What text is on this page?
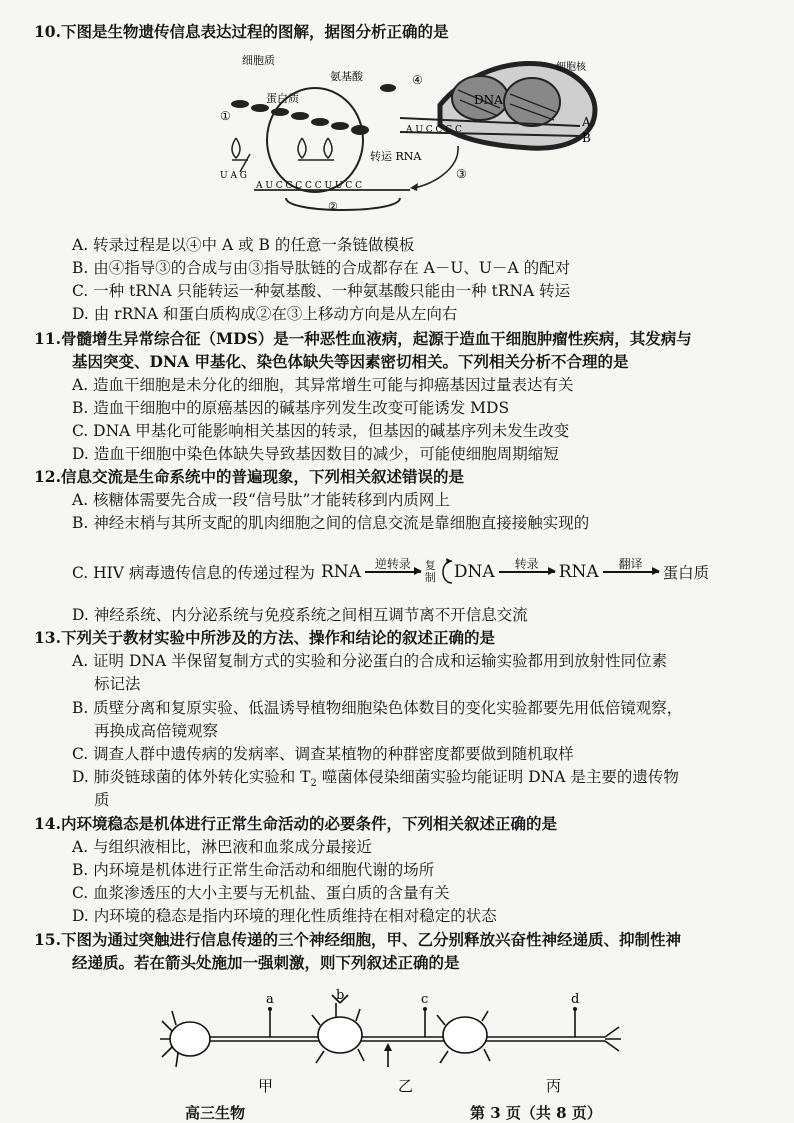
10.下图是生物遗传信息表达过程的图解，据图分析正确的是
DNA
细胞核
A
B
A U C C C C
④
细胞质
蛋白质
氨基酸
转运 RNA
U A G
①
②
A U C C C C C U U C C
③
A. 转录过程是以④中 A 或 B 的任意一条链做模板
B. 由④指导③的合成与由③指导肽链的合成都存在 A－U、U－A 的配对
C. 一种 tRNA 只能转运一种氨基酸、一种氨基酸只能由一种 tRNA 转运
D. 由 rRNA 和蛋白质构成②在③上移动方向是从左向右
11.骨髓增生异常综合征（MDS）是一种恶性血液病，起源于造血干细胞肿瘤性疾病，其发病与
基因突变、DNA 甲基化、染色体缺失等因素密切相关。下列相关分析不合理的是
A. 造血干细胞是未分化的细胞，其异常增生可能与抑癌基因过量表达有关
B. 造血干细胞中的原癌基因的碱基序列发生改变可能诱发 MDS
C. DNA 甲基化可能影响相关基因的转录，但基因的碱基序列未发生改变
D. 造血干细胞中染色体缺失导致基因数目的减少，可能使细胞周期缩短
12.信息交流是生命系统中的普遍现象，下列相关叙述错误的是
A. 核糖体需要先合成一段“信号肽”才能转移到内质网上
B. 神经末梢与其所支配的肌肉细胞之间的信息交流是靠细胞直接接触实现的
C. HIV 病毒遗传信息的传递过程为 RNA 逆转录
复
制 DNA 转录
RNA 翻译
蛋白质
D. 神经系统、内分泌系统与免疫系统之间相互调节离不开信息交流
13.下列关于教材实验中所涉及的方法、操作和结论的叙述正确的是
A. 证明 DNA 半保留复制方式的实验和分泌蛋白的合成和运输实验都用到放射性同位素
标记法
B. 质壁分离和复原实验、低温诱导植物细胞染色体数目的变化实验都要先用低倍镜观察，
再换成高倍镜观察
C. 调查人群中遗传病的发病率、调查某植物的种群密度都要做到随机取样
D. 肺炎链球菌的体外转化实验和 $T_2$ 噬菌体侵染细菌实验均能证明 DNA 是主要的遗传物
质
14.内环境稳态是机体进行正常生命活动的必要条件，下列相关叙述正确的是
A. 与组织液相比，淋巴液和血浆成分最接近
B. 内环境是机体进行正常生命活动和细胞代谢的场所
C. 血浆渗透压的大小主要与无机盐、蛋白质的含量有关
D. 内环境的稳态是指内环境的理化性质维持在相对稳定的状态
15.下图为通过突触进行信息传递的三个神经细胞，甲、乙分别释放兴奋性神经递质、抑制性神
经递质。若在箭头处施加一强刺激，则下列叙述正确的是
a	b	c	d
甲	乙	丙
高三生物	第 3 页（共 8 页）
